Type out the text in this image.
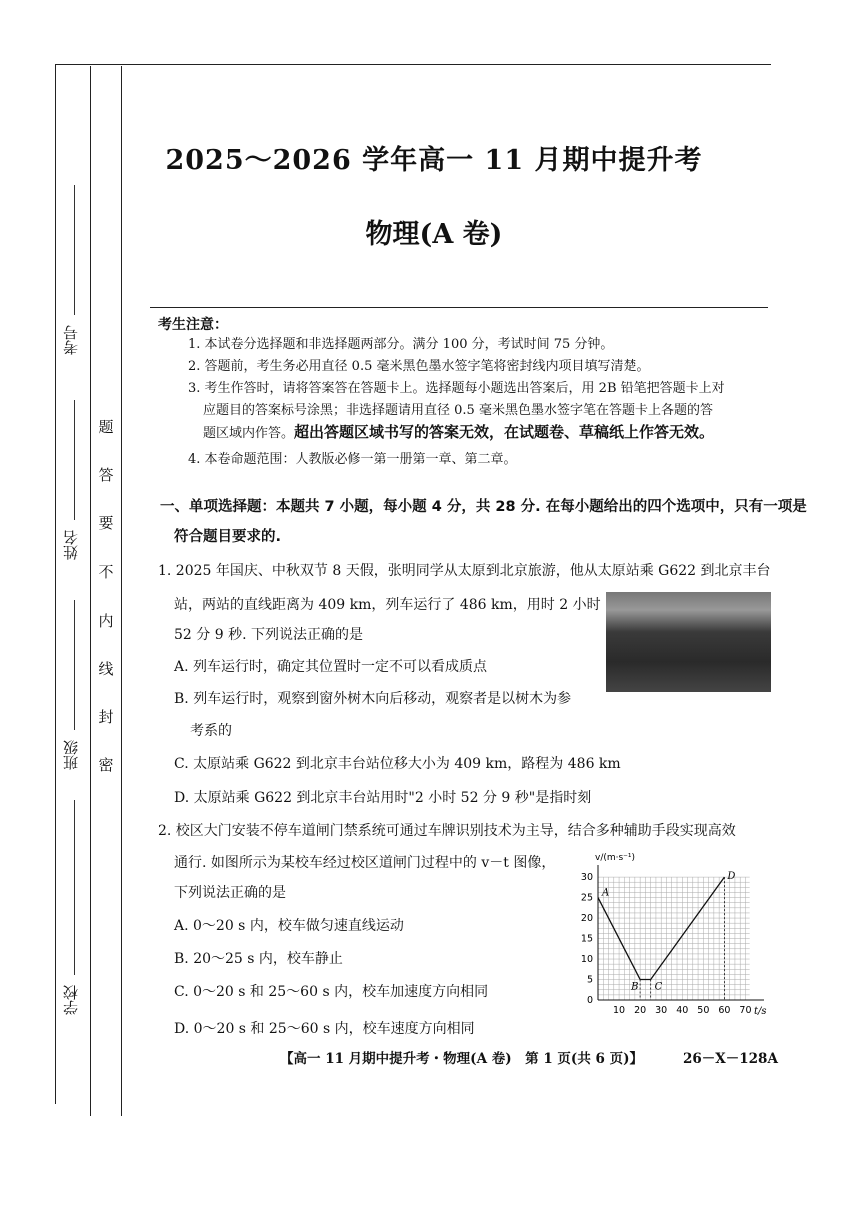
考号
姓名
班级
学校
题
答
要
不
内
线
封
密
2025～2026 学年高一 11 月期中提升考
物理(A 卷)
考生注意：
1. 本试卷分选择题和非选择题两部分。满分 100 分，考试时间 75 分钟。
2. 答题前，考生务必用直径 0.5 毫米黑色墨水签字笔将密封线内项目填写清楚。
3. 考生作答时，请将答案答在答题卡上。选择题每小题选出答案后，用 2B 铅笔把答题卡上对
应题目的答案标号涂黑；非选择题请用直径 0.5 毫米黑色墨水签字笔在答题卡上各题的答
题区域内作答。超出答题区域书写的答案无效，在试题卷、草稿纸上作答无效。
4. 本卷命题范围：人教版必修一第一册第一章、第二章。
一、单项选择题：本题共 7 小题，每小题 4 分，共 28 分. 在每小题给出的四个选项中，只有一项是
符合题目要求的.
1. 2025 年国庆、中秋双节 8 天假，张明同学从太原到北京旅游，他从太原站乘 G622 到北京丰台
站，两站的直线距离为 409 km，列车运行了 486 km，用时 2 小时
52 分 9 秒. 下列说法正确的是
A. 列车运行时，确定其位置时一定不可以看成质点
B. 列车运行时，观察到窗外树木向后移动，观察者是以树木为参
考系的
C. 太原站乘 G622 到北京丰台站位移大小为 409 km，路程为 486 km
D. 太原站乘 G622 到北京丰台站用时"2 小时 52 分 9 秒"是指时刻
2. 校区大门安装不停车道闸门禁系统可通过车牌识别技术为主导，结合多种辅助手段实现高效
通行. 如图所示为某校车经过校区道闸门过程中的 v－t 图像，
下列说法正确的是
A. 0～20 s 内，校车做匀速直线运动
B. 20～25 s 内，校车静止
C. 0～20 s 和 25～60 s 内，校车加速度方向相同
D. 0～20 s 和 25～60 s 内，校车速度方向相同
10 20 30 40 50 60 70
0
5
10
15
20
25
30
A
B C
D
v/(m·s⁻¹)
t/s
【高一 11 月期中提升考・物理(A 卷)　第 1 页(共 6 页)】	26－X－128A
